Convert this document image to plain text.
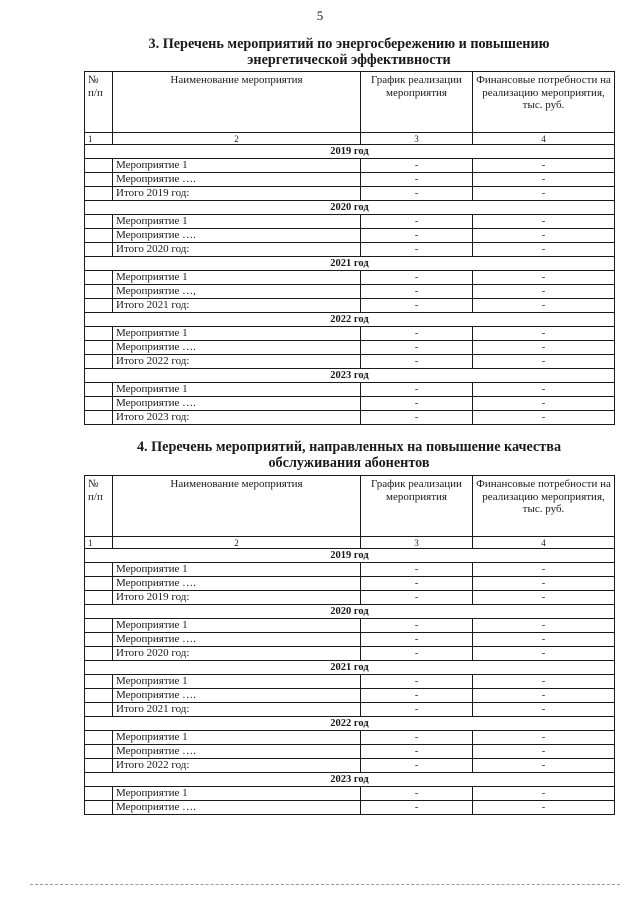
5
3. Перечень мероприятий по энергосбережению и повышению
энергетической эффективности
№ п/п	Наименование мероприятия	График реализации мероприятия	Финансовые потребности на реализацию мероприятия, тыс. руб.
1	2	3	4
2019 год			
	Мероприятие 1	-	-
	Мероприятие ….	-	-
	Итого 2019 год:	-	-
2020 год			
	Мероприятие 1	-	-
	Мероприятие ….	-	-
	Итого 2020 год:	-	-
2021 год			
	Мероприятие 1	-	-
	Мероприятие …,	-	-
	Итого 2021 год:	-	-
2022 год			
	Мероприятие 1	-	-
	Мероприятие ….	-	-
	Итого 2022 год:	-	-
2023 год			
	Мероприятие 1	-	-
	Мероприятие ….	-	-
	Итого 2023 год:	-	-
4. Перечень мероприятий, направленных на повышение качества
обслуживания абонентов
№ п/п	Наименование мероприятия	График реализации мероприятия	Финансовые потребности на реализацию мероприятия, тыс. руб.
1	2	3	4
2019 год			
	Мероприятие 1	-	-
	Мероприятие ….	-	-
	Итого 2019 год:	-	-
2020 год			
	Мероприятие 1	-	-
	Мероприятие ….	-	-
	Итого 2020 год:	-	-
2021 год			
	Мероприятие 1	-	-
	Мероприятие ….	-	-
	Итого 2021 год:	-	-
2022 год			
	Мероприятие 1	-	-
	Мероприятие ….	-	-
	Итого 2022 год:	-	-
2023 год			
	Мероприятие 1	-	-
	Мероприятие ….	-	-
